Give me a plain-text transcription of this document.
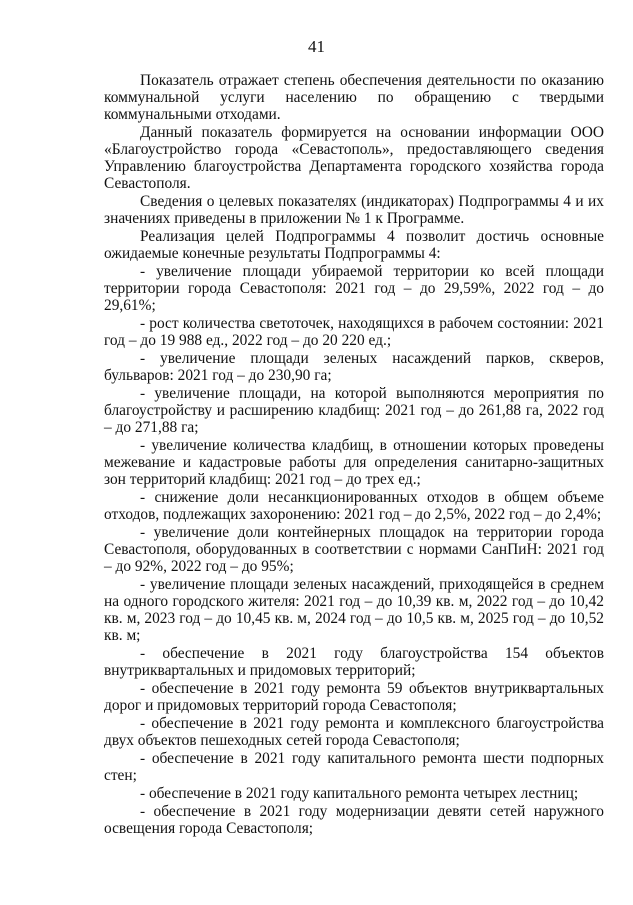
41

Показатель отражает степень обеспечения деятельности по оказанию коммунальной услуги населению по обращению с твердыми коммунальными отходами.

Данный показатель формируется на основании информации ООО «Благоустройство города «Севастополь», предоставляющего сведения Управлению благоустройства Департамента городского хозяйства города Севастополя.

Сведения о целевых показателях (индикаторах) Подпрограммы 4 и их значениях приведены в приложении № 1 к Программе.

Реализация целей Подпрограммы 4 позволит достичь основные ожидаемые конечные результаты Подпрограммы 4:

- увеличение площади убираемой территории ко всей площади территории города Севастополя: 2021 год – до 29,59%, 2022 год – до 29,61%;

- рост количества светоточек, находящихся в рабочем состоянии: 2021 год – до 19 988 ед., 2022 год – до 20 220 ед.;

- увеличение площади зеленых насаждений парков, скверов, бульваров: 2021 год – до 230,90 га;

- увеличение площади, на которой выполняются мероприятия по благоустройству и расширению кладбищ: 2021 год – до 261,88 га, 2022 год – до 271,88 га;

- увеличение количества кладбищ, в отношении которых проведены межевание и кадастровые работы для определения санитарно-защитных зон территорий кладбищ: 2021 год – до трех ед.;

- снижение доли несанкционированных отходов в общем объеме отходов, подлежащих захоронению: 2021 год – до 2,5%, 2022 год – до 2,4%;

- увеличение доли контейнерных площадок на территории города Севастополя, оборудованных в соответствии с нормами СанПиН: 2021 год – до 92%, 2022 год – до 95%;

- увеличение площади зеленых насаждений, приходящейся в среднем на одного городского жителя: 2021 год – до 10,39 кв. м, 2022 год – до 10,42 кв. м, 2023 год – до 10,45 кв. м, 2024 год – до 10,5 кв. м, 2025 год – до 10,52 кв. м;

- обеспечение в 2021 году благоустройства 154 объектов внутриквартальных и придомовых территорий;

- обеспечение в 2021 году ремонта 59 объектов внутриквартальных дорог и придомовых территорий города Севастополя;

- обеспечение в 2021 году ремонта и комплексного благоустройства двух объектов пешеходных сетей города Севастополя;

- обеспечение в 2021 году капитального ремонта шести подпорных стен;

- обеспечение в 2021 году капитального ремонта четырех лестниц;

- обеспечение в 2021 году модернизации девяти сетей наружного освещения города Севастополя;
